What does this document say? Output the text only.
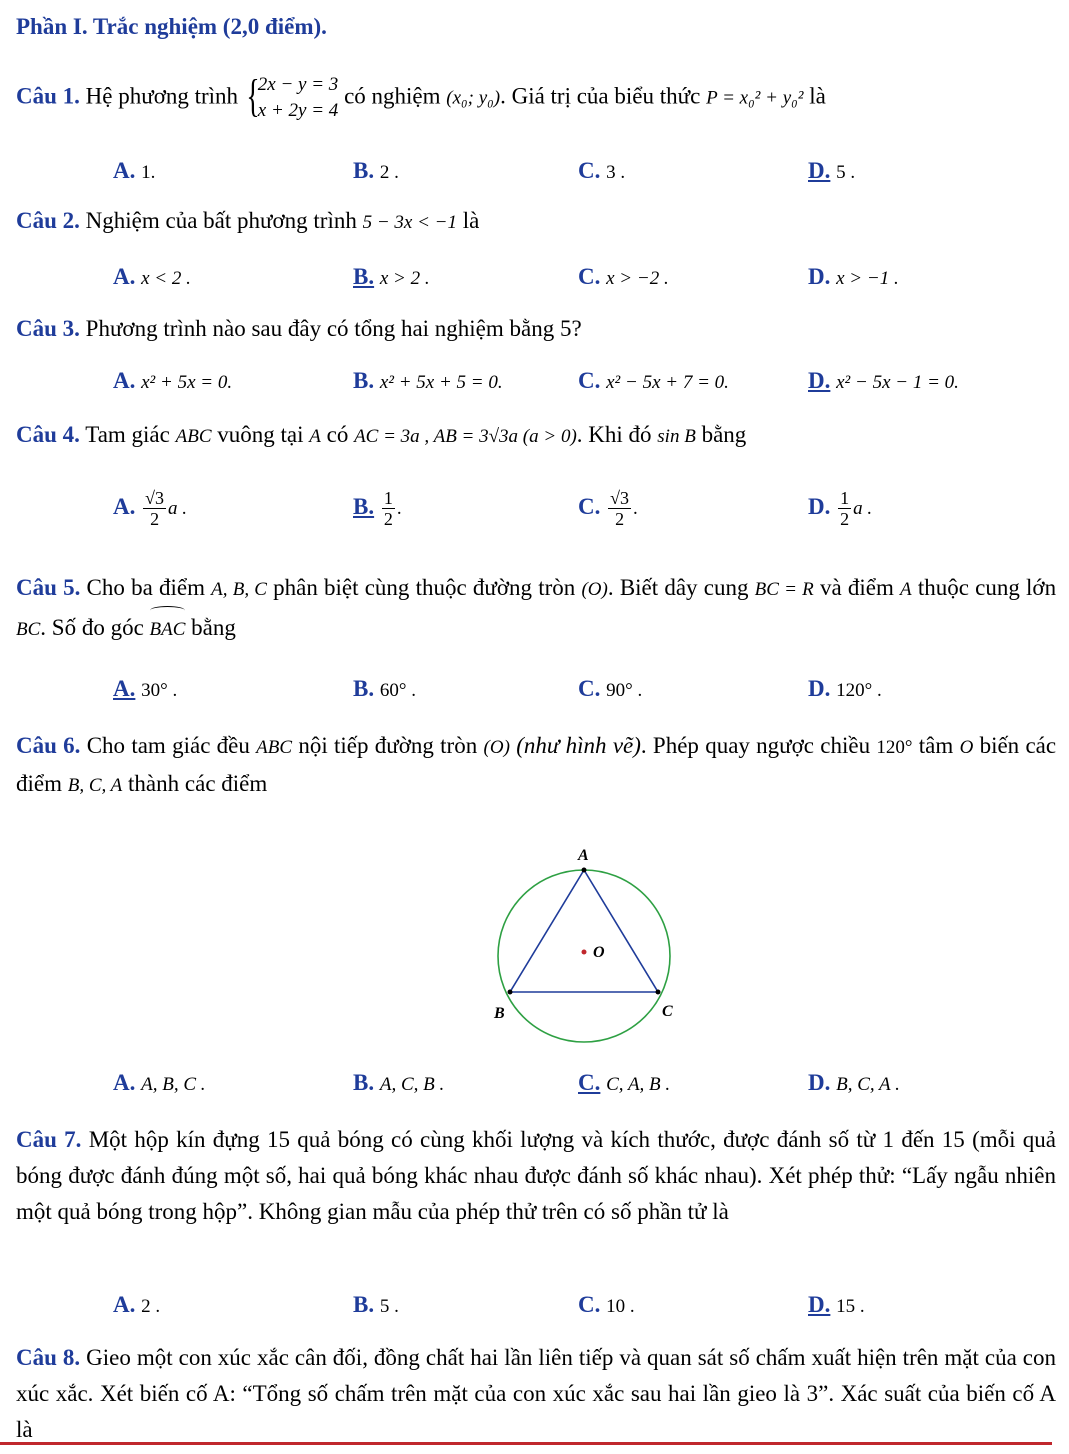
Phần I. Trắc nghiệm (2,0 điểm).
Câu 1. Hệ phương trình {
2x − y = 3
x + 2y = 4
có nghiệm (x₀; y₀). Giá trị của biểu thức P = x₀² + y₀² là
A. 1.	B. 2 .	C. 3 .	D. 5 .
Câu 2. Nghiệm của bất phương trình 5 − 3x < −1 là
A. x < 2 .	B. x > 2 .	C. x > −2 .	D. x > −1 .
Câu 3. Phương trình nào sau đây có tổng hai nghiệm bằng 5?
A. x² + 5x = 0.	B. x² + 5x + 5 = 0.	C. x² − 5x + 7 = 0.	D. x² − 5x − 1 = 0.
Câu 4. Tam giác ABC vuông tại A có AC = 3a , AB = 3√3a (a > 0). Khi đó sin B bằng
A. $\frac{√3}{2}$ a .	B. $\frac{1}{2}$ .	C. $\frac{√3}{2}$ .	D. $\frac{1}{2}$ a .
Câu 5. Cho ba điểm A, B, C phân biệt cùng thuộc đường tròn (O). Biết dây cung BC = R và điểm A thuộc cung lớn BC. Số đo góc BAC bằng
A. 30° .	B. 60° .	C. 90° .	D. 120° .
Câu 6. Cho tam giác đều ABC nội tiếp đường tròn (O) (như hình vẽ). Phép quay ngược chiều 120° tâm O biến các điểm B, C, A thành các điểm
A
B	C
O
A. A, B, C .	B. A, C, B .	C. C, A, B .	D. B, C, A .
Câu 7. Một hộp kín đựng 15 quả bóng có cùng khối lượng và kích thước, được đánh số từ 1 đến 15 (mỗi quả bóng được đánh đúng một số, hai quả bóng khác nhau được đánh số khác nhau). Xét phép thử: “Lấy ngẫu nhiên một quả bóng trong hộp”. Không gian mẫu của phép thử trên có số phần tử là
A. 2 .	B. 5 .	C. 10 .	D. 15 .
Câu 8. Gieo một con xúc xắc cân đối, đồng chất hai lần liên tiếp và quan sát số chấm xuất hiện trên mặt của con xúc xắc. Xét biến cố A: “Tổng số chấm trên mặt của con xúc xắc sau hai lần gieo là 3”. Xác suất của biến cố A là
